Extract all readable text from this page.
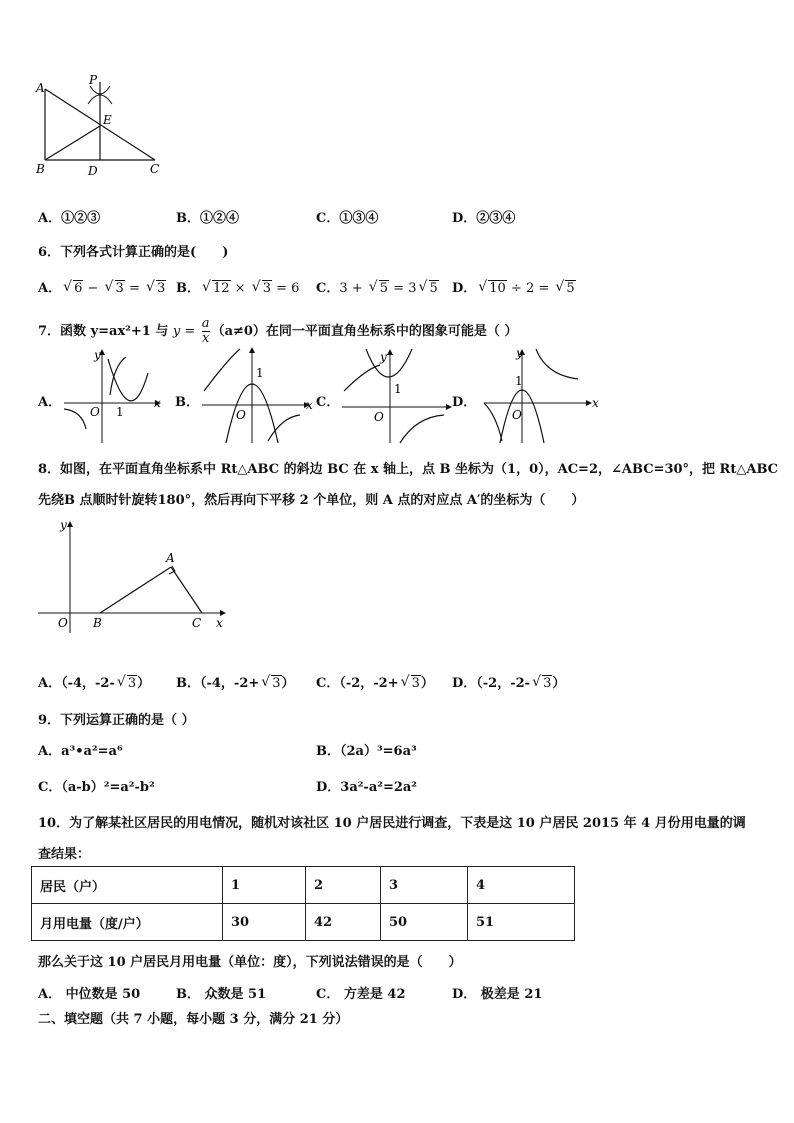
A
P
E
B	D	C
A．①②③	B．①②④	C．①③④	D．②③④
6．下列各式计算正确的是(　　)
A． √ 6 − √ 3 = √ 3 B． √ 12 × √ 3 = 6 C．3 + √ 5 = 3 √ 5 D． √ 10 ÷ 2 = √ 5
7．函数 y=ax²+1 与 $y = \frac{a}{x} (a\ne 0)$在同一平面直角坐标系中的图象可能是（ ）
A．
y
x
O 1
B．
1
x
O
C．
y
1
O
D．
y
1
x
O
8．如图，在平面直角坐标系中 Rt△ABC 的斜边 BC 在 x 轴上，点 B 坐标为（1，0），AC=2，∠ABC=30°，把 Rt△ABC
先绕B 点顺时针旋转180°，然后再向下平移 2 个单位，则 A 点的对应点 A′的坐标为（　　）
y
A
O B	C x
A．（-4，-2- √ 3） B．（-4，-2+ √ 3） C．（-2，-2+ √ 3） D．（-2，-2- √ 3）
9．下列运算正确的是（ ）
A．a³•a²=a⁶	B．（2a）³=6a³
C．（a-b）²=a²-b²	D．3a²-a²=2a²
10．为了解某社区居民的用电情况，随机对该社区 10 户居民进行调查，下表是这 10 户居民 2015 年 4 月份用电量的调
查结果：
居民（户）	1	2	3	4
月用电量（度/户）	30	42	50	51
那么关于这 10 户居民月用电量（单位：度），下列说法错误的是（　　）
A． 中位数是 50	B． 众数是 51	C． 方差是 42	D． 极差是 21
二、填空题（共 7 小题，每小题 3 分，满分 21 分）
